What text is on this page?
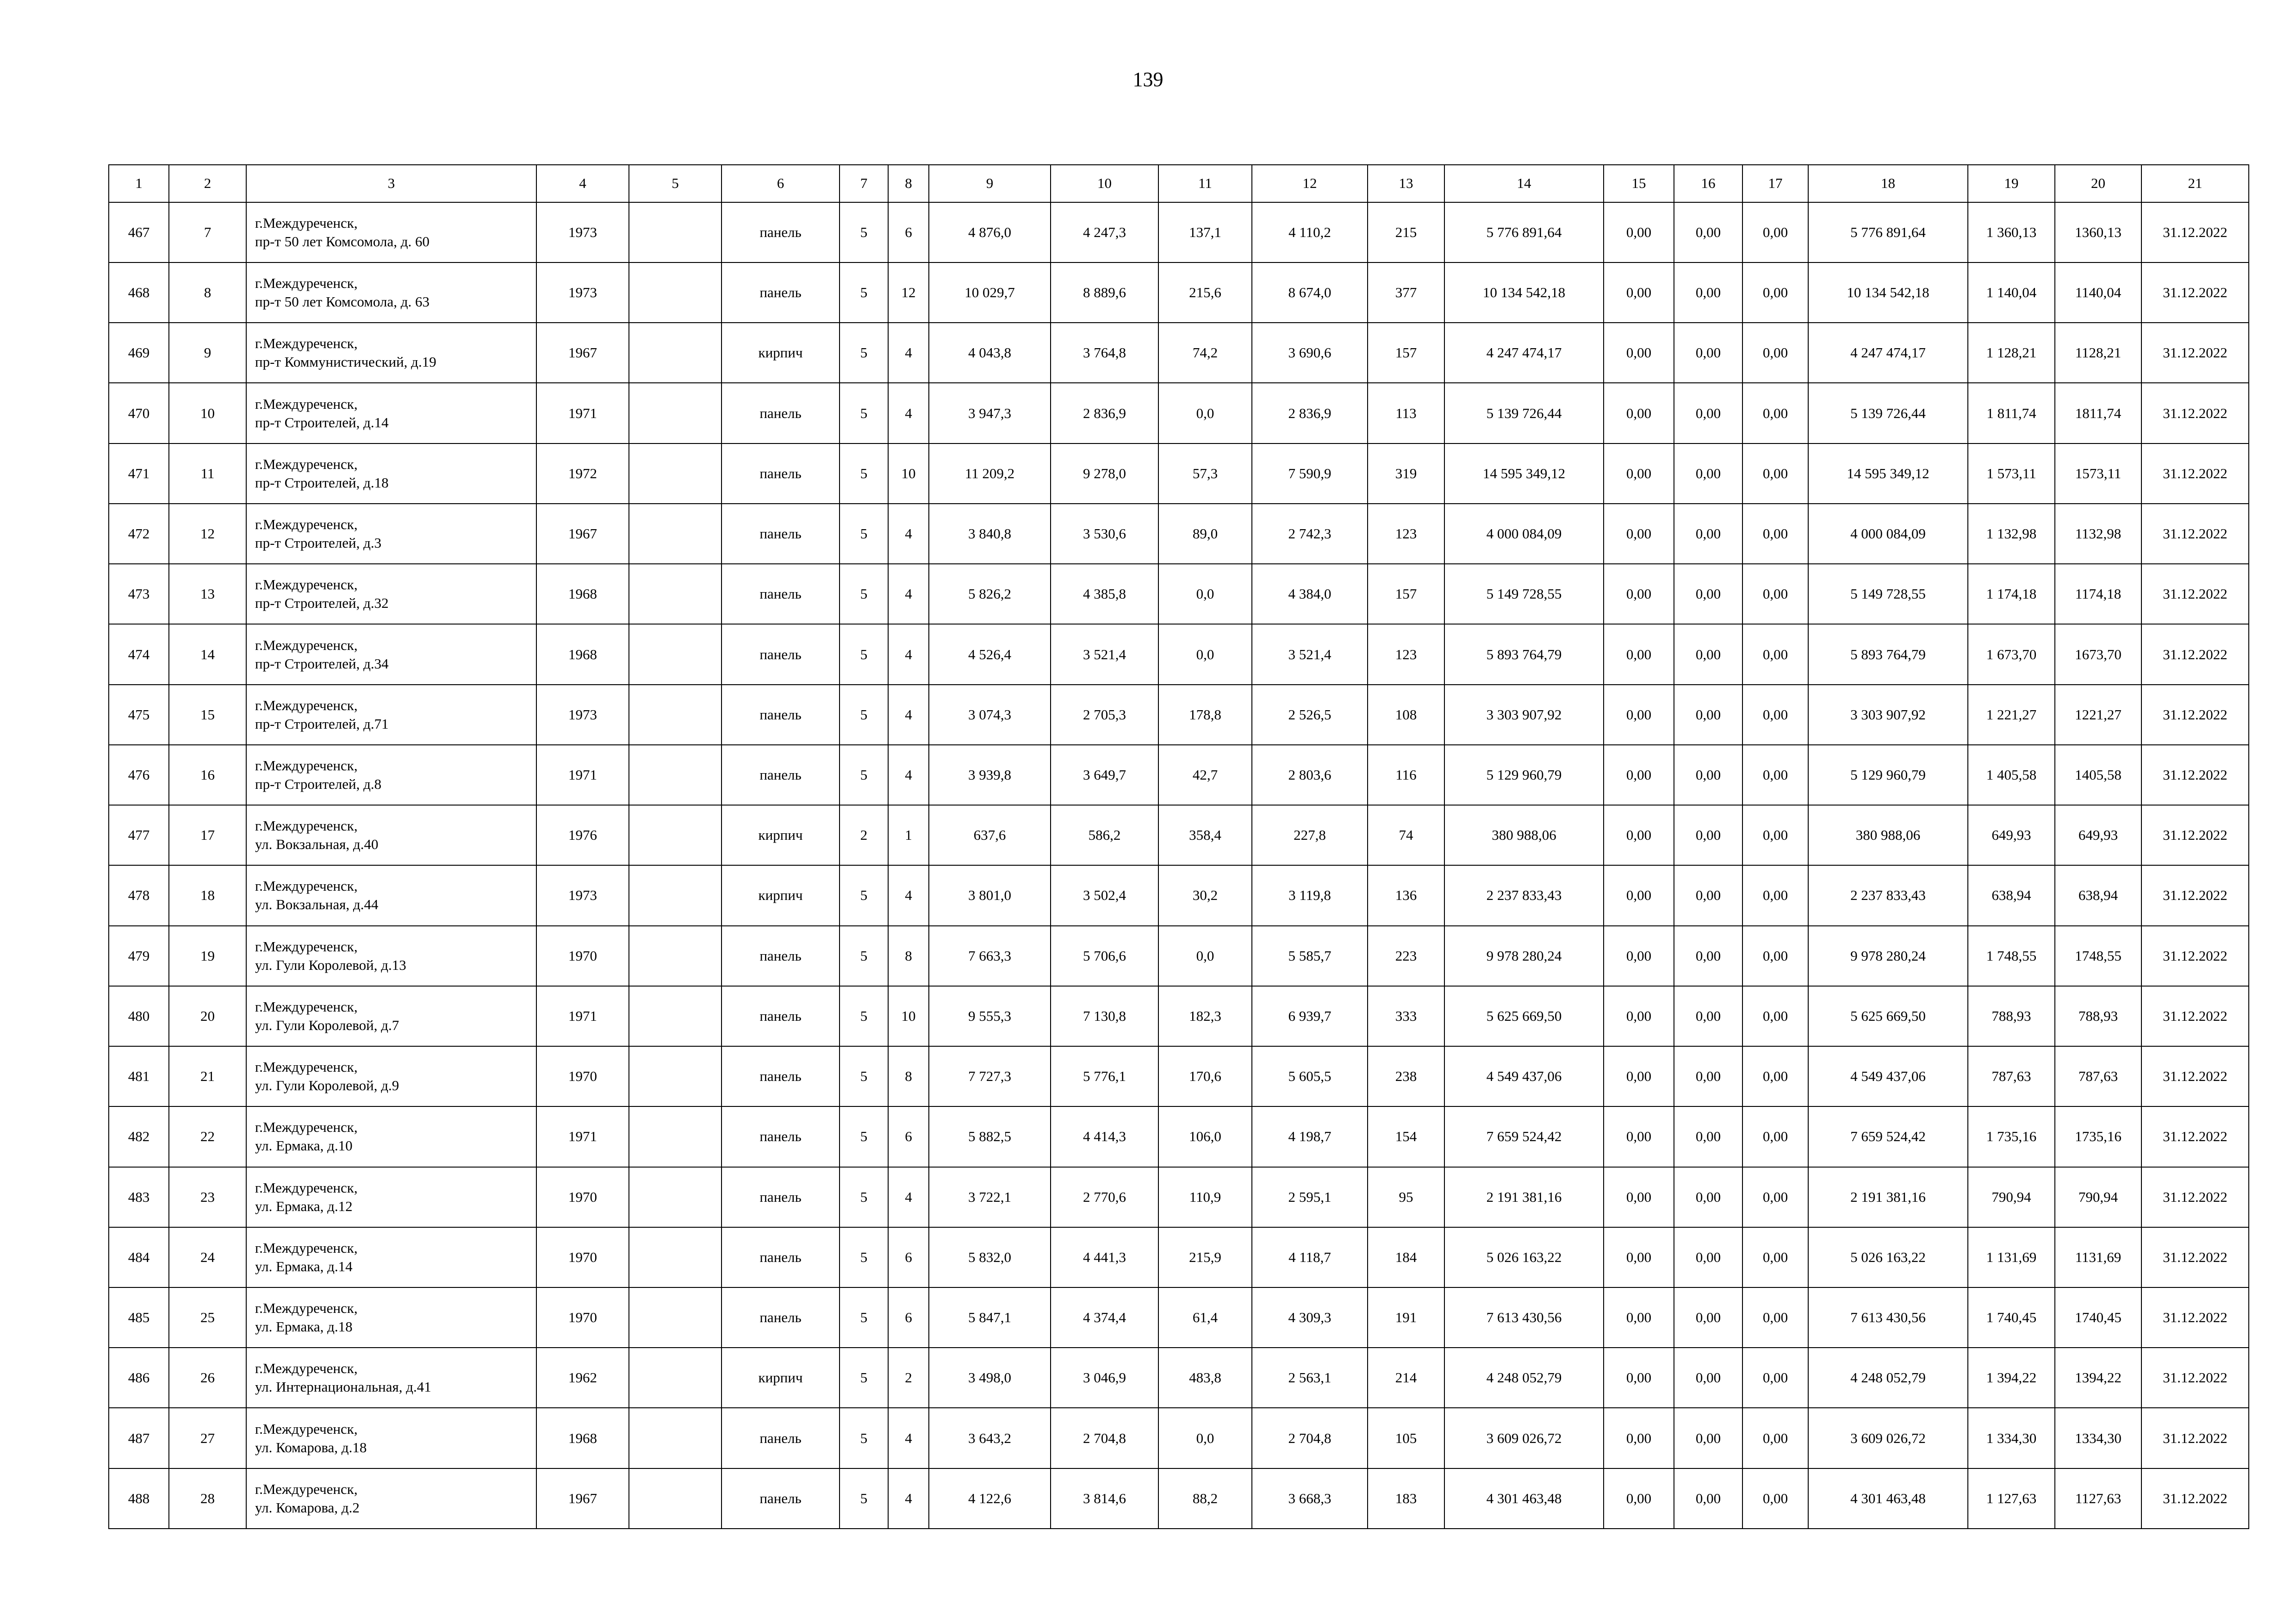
139
1	2	3	4	5	6	7	8	9	10	11	12	13	14	15	16	17	18	19	20	21
467	7	г.Междуреченск,
пр-т 50 лет Комсомола, д. 60	1973		панель	5	6	4 876,0	4 247,3	137,1	4 110,2	215	5 776 891,64	0,00	0,00	0,00	5 776 891,64	1 360,13	1360,13	31.12.2022
468	8	г.Междуреченск,
пр-т 50 лет Комсомола, д. 63	1973		панель	5	12	10 029,7	8 889,6	215,6	8 674,0	377	10 134 542,18	0,00	0,00	0,00	10 134 542,18	1 140,04	1140,04	31.12.2022
469	9	г.Междуреченск,
пр-т Коммунистический, д.19	1967		кирпич	5	4	4 043,8	3 764,8	74,2	3 690,6	157	4 247 474,17	0,00	0,00	0,00	4 247 474,17	1 128,21	1128,21	31.12.2022
470	10	г.Междуреченск,
пр-т Строителей, д.14	1971		панель	5	4	3 947,3	2 836,9	0,0	2 836,9	113	5 139 726,44	0,00	0,00	0,00	5 139 726,44	1 811,74	1811,74	31.12.2022
471	11	г.Междуреченск,
пр-т Строителей, д.18	1972		панель	5	10	11 209,2	9 278,0	57,3	7 590,9	319	14 595 349,12	0,00	0,00	0,00	14 595 349,12	1 573,11	1573,11	31.12.2022
472	12	г.Междуреченск,
пр-т Строителей, д.3	1967		панель	5	4	3 840,8	3 530,6	89,0	2 742,3	123	4 000 084,09	0,00	0,00	0,00	4 000 084,09	1 132,98	1132,98	31.12.2022
473	13	г.Междуреченск,
пр-т Строителей, д.32	1968		панель	5	4	5 826,2	4 385,8	0,0	4 384,0	157	5 149 728,55	0,00	0,00	0,00	5 149 728,55	1 174,18	1174,18	31.12.2022
474	14	г.Междуреченск,
пр-т Строителей, д.34	1968		панель	5	4	4 526,4	3 521,4	0,0	3 521,4	123	5 893 764,79	0,00	0,00	0,00	5 893 764,79	1 673,70	1673,70	31.12.2022
475	15	г.Междуреченск,
пр-т Строителей, д.71	1973		панель	5	4	3 074,3	2 705,3	178,8	2 526,5	108	3 303 907,92	0,00	0,00	0,00	3 303 907,92	1 221,27	1221,27	31.12.2022
476	16	г.Междуреченск,
пр-т Строителей, д.8	1971		панель	5	4	3 939,8	3 649,7	42,7	2 803,6	116	5 129 960,79	0,00	0,00	0,00	5 129 960,79	1 405,58	1405,58	31.12.2022
477	17	г.Междуреченск,
ул. Вокзальная, д.40	1976		кирпич	2	1	637,6	586,2	358,4	227,8	74	380 988,06	0,00	0,00	0,00	380 988,06	649,93	649,93	31.12.2022
478	18	г.Междуреченск,
ул. Вокзальная, д.44	1973		кирпич	5	4	3 801,0	3 502,4	30,2	3 119,8	136	2 237 833,43	0,00	0,00	0,00	2 237 833,43	638,94	638,94	31.12.2022
479	19	г.Междуреченск,
ул. Гули Королевой, д.13	1970		панель	5	8	7 663,3	5 706,6	0,0	5 585,7	223	9 978 280,24	0,00	0,00	0,00	9 978 280,24	1 748,55	1748,55	31.12.2022
480	20	г.Междуреченск,
ул. Гули Королевой, д.7	1971		панель	5	10	9 555,3	7 130,8	182,3	6 939,7	333	5 625 669,50	0,00	0,00	0,00	5 625 669,50	788,93	788,93	31.12.2022
481	21	г.Междуреченск,
ул. Гули Королевой, д.9	1970		панель	5	8	7 727,3	5 776,1	170,6	5 605,5	238	4 549 437,06	0,00	0,00	0,00	4 549 437,06	787,63	787,63	31.12.2022
482	22	г.Междуреченск,
ул. Ермака, д.10	1971		панель	5	6	5 882,5	4 414,3	106,0	4 198,7	154	7 659 524,42	0,00	0,00	0,00	7 659 524,42	1 735,16	1735,16	31.12.2022
483	23	г.Междуреченск,
ул. Ермака, д.12	1970		панель	5	4	3 722,1	2 770,6	110,9	2 595,1	95	2 191 381,16	0,00	0,00	0,00	2 191 381,16	790,94	790,94	31.12.2022
484	24	г.Междуреченск,
ул. Ермака, д.14	1970		панель	5	6	5 832,0	4 441,3	215,9	4 118,7	184	5 026 163,22	0,00	0,00	0,00	5 026 163,22	1 131,69	1131,69	31.12.2022
485	25	г.Междуреченск,
ул. Ермака, д.18	1970		панель	5	6	5 847,1	4 374,4	61,4	4 309,3	191	7 613 430,56	0,00	0,00	0,00	7 613 430,56	1 740,45	1740,45	31.12.2022
486	26	г.Междуреченск,
ул. Интернациональная, д.41	1962		кирпич	5	2	3 498,0	3 046,9	483,8	2 563,1	214	4 248 052,79	0,00	0,00	0,00	4 248 052,79	1 394,22	1394,22	31.12.2022
487	27	г.Междуреченск,
ул. Комарова, д.18	1968		панель	5	4	3 643,2	2 704,8	0,0	2 704,8	105	3 609 026,72	0,00	0,00	0,00	3 609 026,72	1 334,30	1334,30	31.12.2022
488	28	г.Междуреченск,
ул. Комарова, д.2	1967		панель	5	4	4 122,6	3 814,6	88,2	3 668,3	183	4 301 463,48	0,00	0,00	0,00	4 301 463,48	1 127,63	1127,63	31.12.2022
